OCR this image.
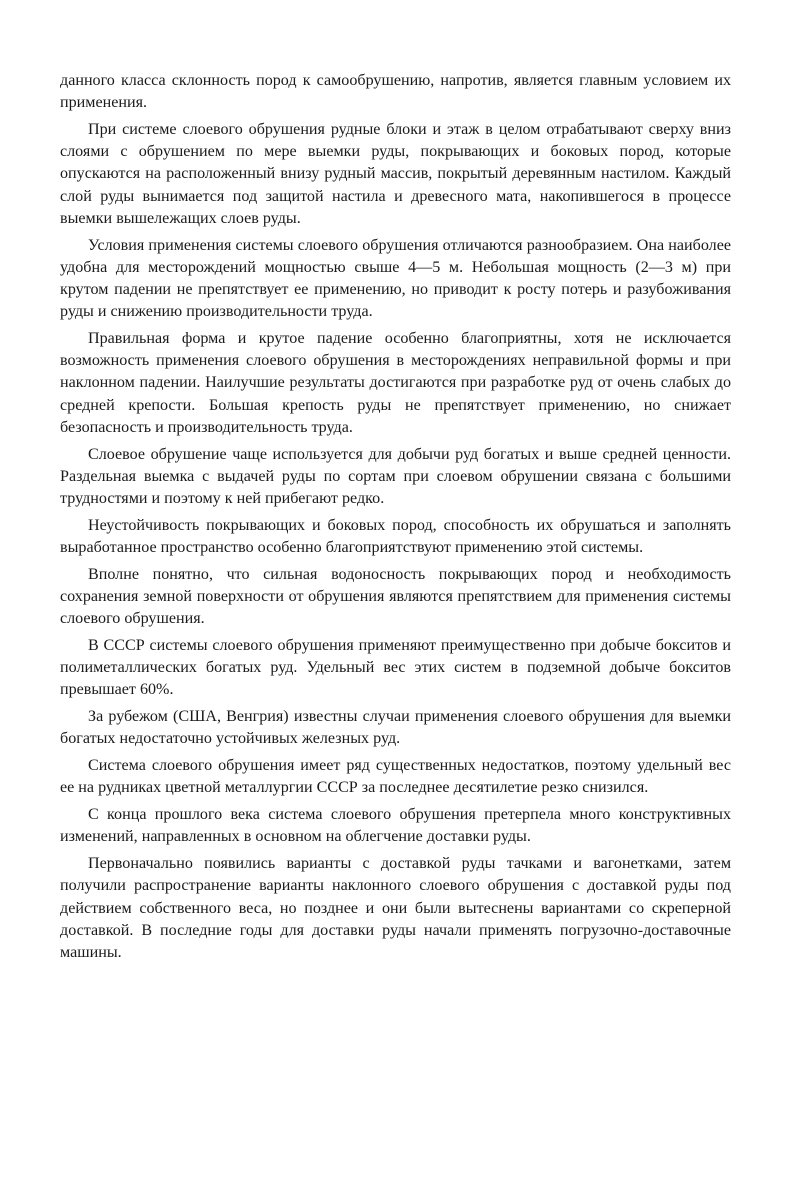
данного класса склонность пород к самообрушению, напротив, является главным условием их применения.

При системе слоевого обрушения рудные блоки и этаж в целом отрабатывают сверху вниз слоями с обрушением по мере выемки руды, покрывающих и боковых пород, которые опускаются на расположенный внизу рудный массив, покрытый деревянным настилом. Каждый слой руды вынимается под защитой настила и древесного мата, накопившегося в процессе выемки вышележащих слоев руды.

Условия применения системы слоевого обрушения отличаются разнообразием. Она наиболее удобна для месторождений мощностью свыше 4—5 м. Небольшая мощность (2—3 м) при крутом падении не препятствует ее применению, но приводит к росту потерь и разубоживания руды и снижению производительности труда.

Правильная форма и крутое падение особенно благоприятны, хотя не исключается возможность применения слоевого обрушения в месторождениях неправильной формы и при наклонном падении. Наилучшие результаты достигаются при разработке руд от очень слабых до средней крепости. Большая крепость руды не препятствует применению, но снижает безопасность и производительность труда.

Слоевое обрушение чаще используется для добычи руд богатых и выше средней ценности. Раздельная выемка с выдачей руды по сортам при слоевом обрушении связана с большими трудностями и поэтому к ней прибегают редко.

Неустойчивость покрывающих и боковых пород, способность их обрушаться и заполнять выработанное пространство особенно благоприятствуют применению этой системы.

Вполне понятно, что сильная водоносность покрывающих пород и необходимость сохранения земной поверхности от обрушения являются препятствием для применения системы слоевого обрушения.

В СССР системы слоевого обрушения применяют преимущественно при добыче бокситов и полиметаллических богатых руд. Удельный вес этих систем в подземной добыче бокситов превышает 60%.

За рубежом (США, Венгрия) известны случаи применения слоевого обрушения для выемки богатых недостаточно устойчивых железных руд.

Система слоевого обрушения имеет ряд существенных недостатков, поэтому удельный вес ее на рудниках цветной металлургии СССР за последнее десятилетие резко снизился.

С конца прошлого века система слоевого обрушения претерпела много конструктивных изменений, направленных в основном на облегчение доставки руды.

Первоначально появились варианты с доставкой руды тачками и вагонетками, затем получили распространение варианты наклонного слоевого обрушения с доставкой руды под действием собственного веса, но позднее и они были вытеснены вариантами со скреперной доставкой. В последние годы для доставки руды начали применять погрузочно-доставочные машины.
